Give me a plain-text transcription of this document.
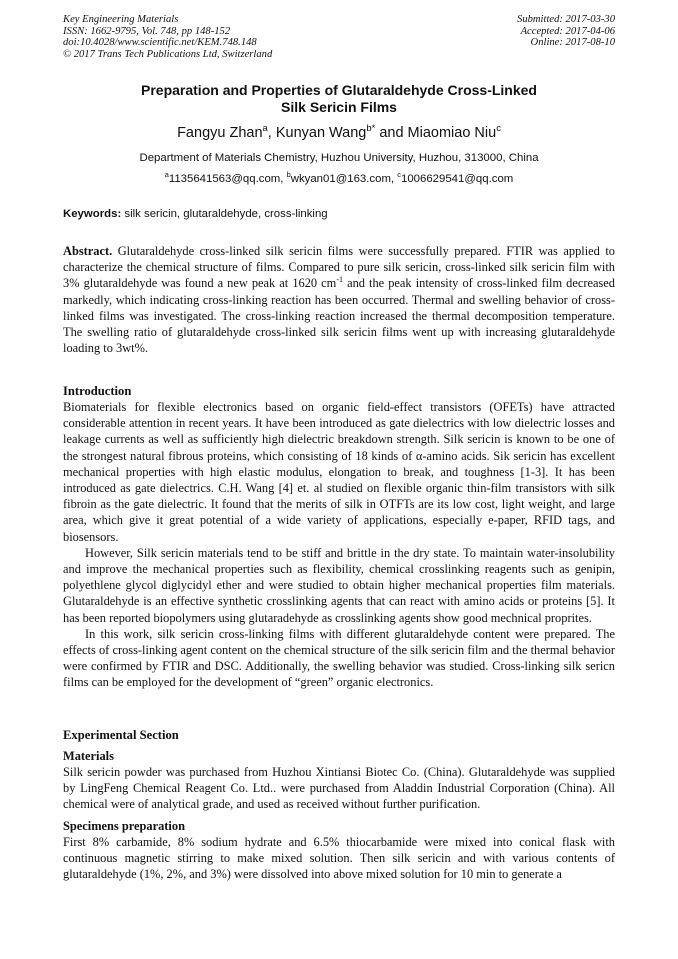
Key Engineering Materials
ISSN: 1662-9795, Vol. 748, pp 148-152
doi:10.4028/www.scientific.net/KEM.748.148
© 2017 Trans Tech Publications Ltd, Switzerland
Submitted: 2017-03-30
Accepted: 2017-04-06
Online: 2017-08-10
Preparation and Properties of Glutaraldehyde Cross-Linked
Silk Sericin Films
Fangyu Zhan$^a$, Kunyan Wang$^{b*}$ and Miaomiao Niu$^c$
Department of Materials Chemistry, Huzhou University, Huzhou, 313000, China
$^a$1135641563@qq.com, $^b$wkyan01@163.com, $^c$1006629541@qq.com
Keywords: silk sericin, glutaraldehyde, cross-linking
Abstract. Glutaraldehyde cross-linked silk sericin films were successfully prepared. FTIR was applied to characterize the chemical structure of films. Compared to pure silk sericin, cross-linked silk sericin film with 3% glutaraldehyde was found a new peak at 1620 $cm^{-1}$ and the peak intensity of cross-linked film decreased markedly, which indicating cross-linking reaction has been occurred. Thermal and swelling behavior of cross-linked films was investigated. The cross-linking reaction increased the thermal decomposition temperature. The swelling ratio of glutaraldehyde cross-linked silk sericin films went up with increasing glutaraldehyde loading to 3wt%.
Introduction

Biomaterials for flexible electronics based on organic field-effect transistors (OFETs) have attracted considerable attention in recent years. It have been introduced as gate dielectrics with low dielectric losses and leakage currents as well as sufficiently high dielectric breakdown strength. Silk sericin is known to be one of the strongest natural fibrous proteins, which consisting of 18 kinds of α-amino acids. Sik sericin has excellent mechanical properties with high elastic modulus, elongation to break, and toughness [1-3]. It has been introduced as gate dielectrics. C.H. Wang [4] et. al studied on flexible organic thin-film transistors with silk fibroin as the gate dielectric. It found that the merits of silk in OTFTs are its low cost, light weight, and large area, which give it great potential of a wide variety of applications, especially e-paper, RFID tags, and biosensors.

However, Silk sericin materials tend to be stiff and brittle in the dry state. To maintain water-insolubility and improve the mechanical properties such as flexibility, chemical crosslinking reagents such as genipin, polyethlene glycol diglycidyl ether and were studied to obtain higher mechanical properties film materials. Glutaraldehyde is an effective synthetic crosslinking agents that can react with amino acids or proteins [5]. It has been reported biopolymers using glutaradehyde as crosslinking agents show good mechnical proprites.

In this work, silk sericin cross-linking films with different glutaraldehyde content were prepared. The effects of cross-linking agent content on the chemical structure of the silk sericin film and the thermal behavior were confirmed by FTIR and DSC. Additionally, the swelling behavior was studied. Cross-linking silk sericn films can be employed for the development of “green” organic electronics.

Experimental Section
Materials

Silk sericin powder was purchased from Huzhou Xintiansi Biotec Co. (China). Glutaraldehyde was supplied by LingFeng Chemical Reagent Co. Ltd.. were purchased from Aladdin Industrial Corporation (China). All chemical were of analytical grade, and used as received without further purification.

Specimens preparation

First 8% carbamide, 8% sodium hydrate and 6.5% thiocarbamide were mixed into conical flask with continuous magnetic stirring to make mixed solution. Then silk sericin and with various contents of glutaraldehyde (1%, 2%, and 3%) were dissolved into above mixed solution for 10 min to generate a
